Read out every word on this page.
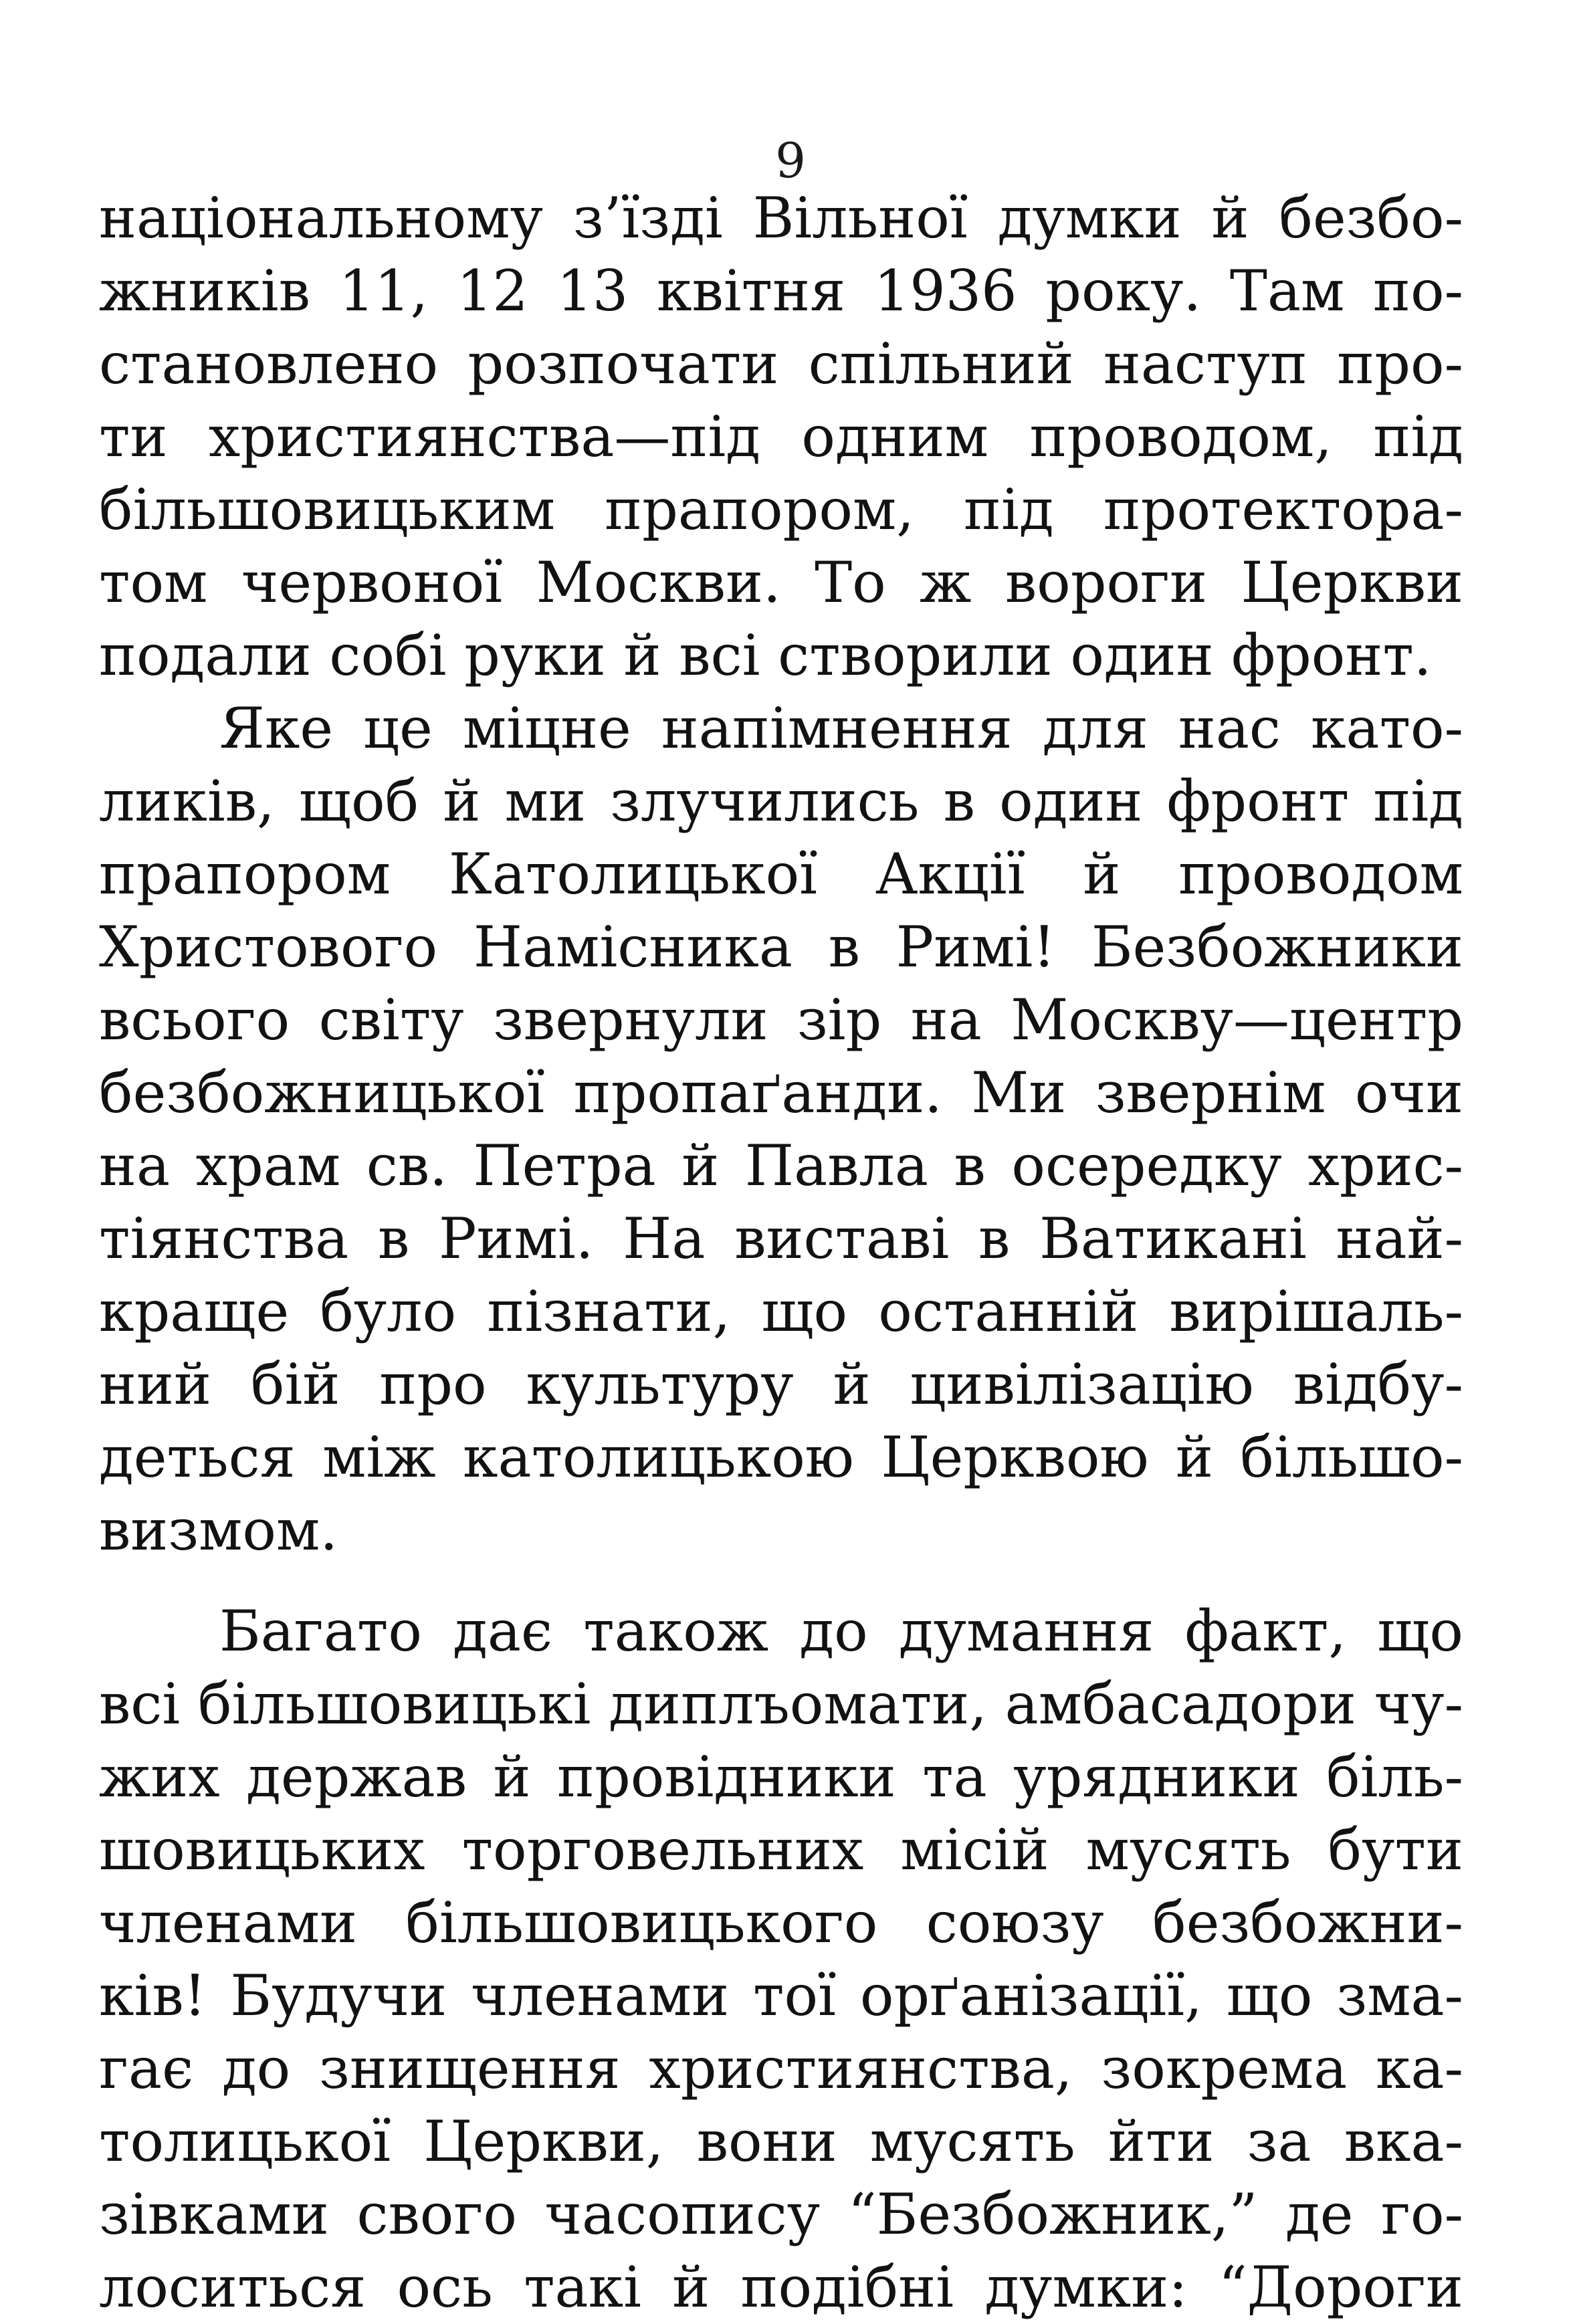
9
національному з’їзді Вільної думки й безбо-
жників 11, 12 13 квітня 1936 року. Там по-
становлено розпочати спільний наступ про-
ти християнства—під одним проводом, під
більшовицьким прапором, під протектора-
том червоної Москви. То ж вороги Церкви
подали собі руки й всі створили один фронт.
Яке це міцне напімнення для нас като-
ликів, щоб й ми злучились в один фронт під
прапором Католицької Акції й проводом
Христового Намісника в Римі! Безбожники
всього світу звернули зір на Москву—центр
безбожницької пропаґанди. Ми звернім очи
на храм св. Петра й Павла в осередку хрис-
тіянства в Римі. На виставі в Ватикані най-
краще було пізнати, що останній вирішаль-
ний бій про культуру й цивілізацію відбу-
деться між католицькою Церквою й більшо-
визмом.
Багато дає також до думання факт, що
всі більшовицькі диплъомати, амбасадори чу-
жих держав й провідники та урядники біль-
шовицьких торговельних місій мусять бути
членами більшовицького союзу безбожни-
ків! Будучи членами тої орґанізації, що зма-
гає до знищення християнства, зокрема ка-
толицької Церкви, вони мусять йти за вка-
зівками свого часопису “Безбожник,” де го-
лоситься ось такі й подібні думки: “Дороги
